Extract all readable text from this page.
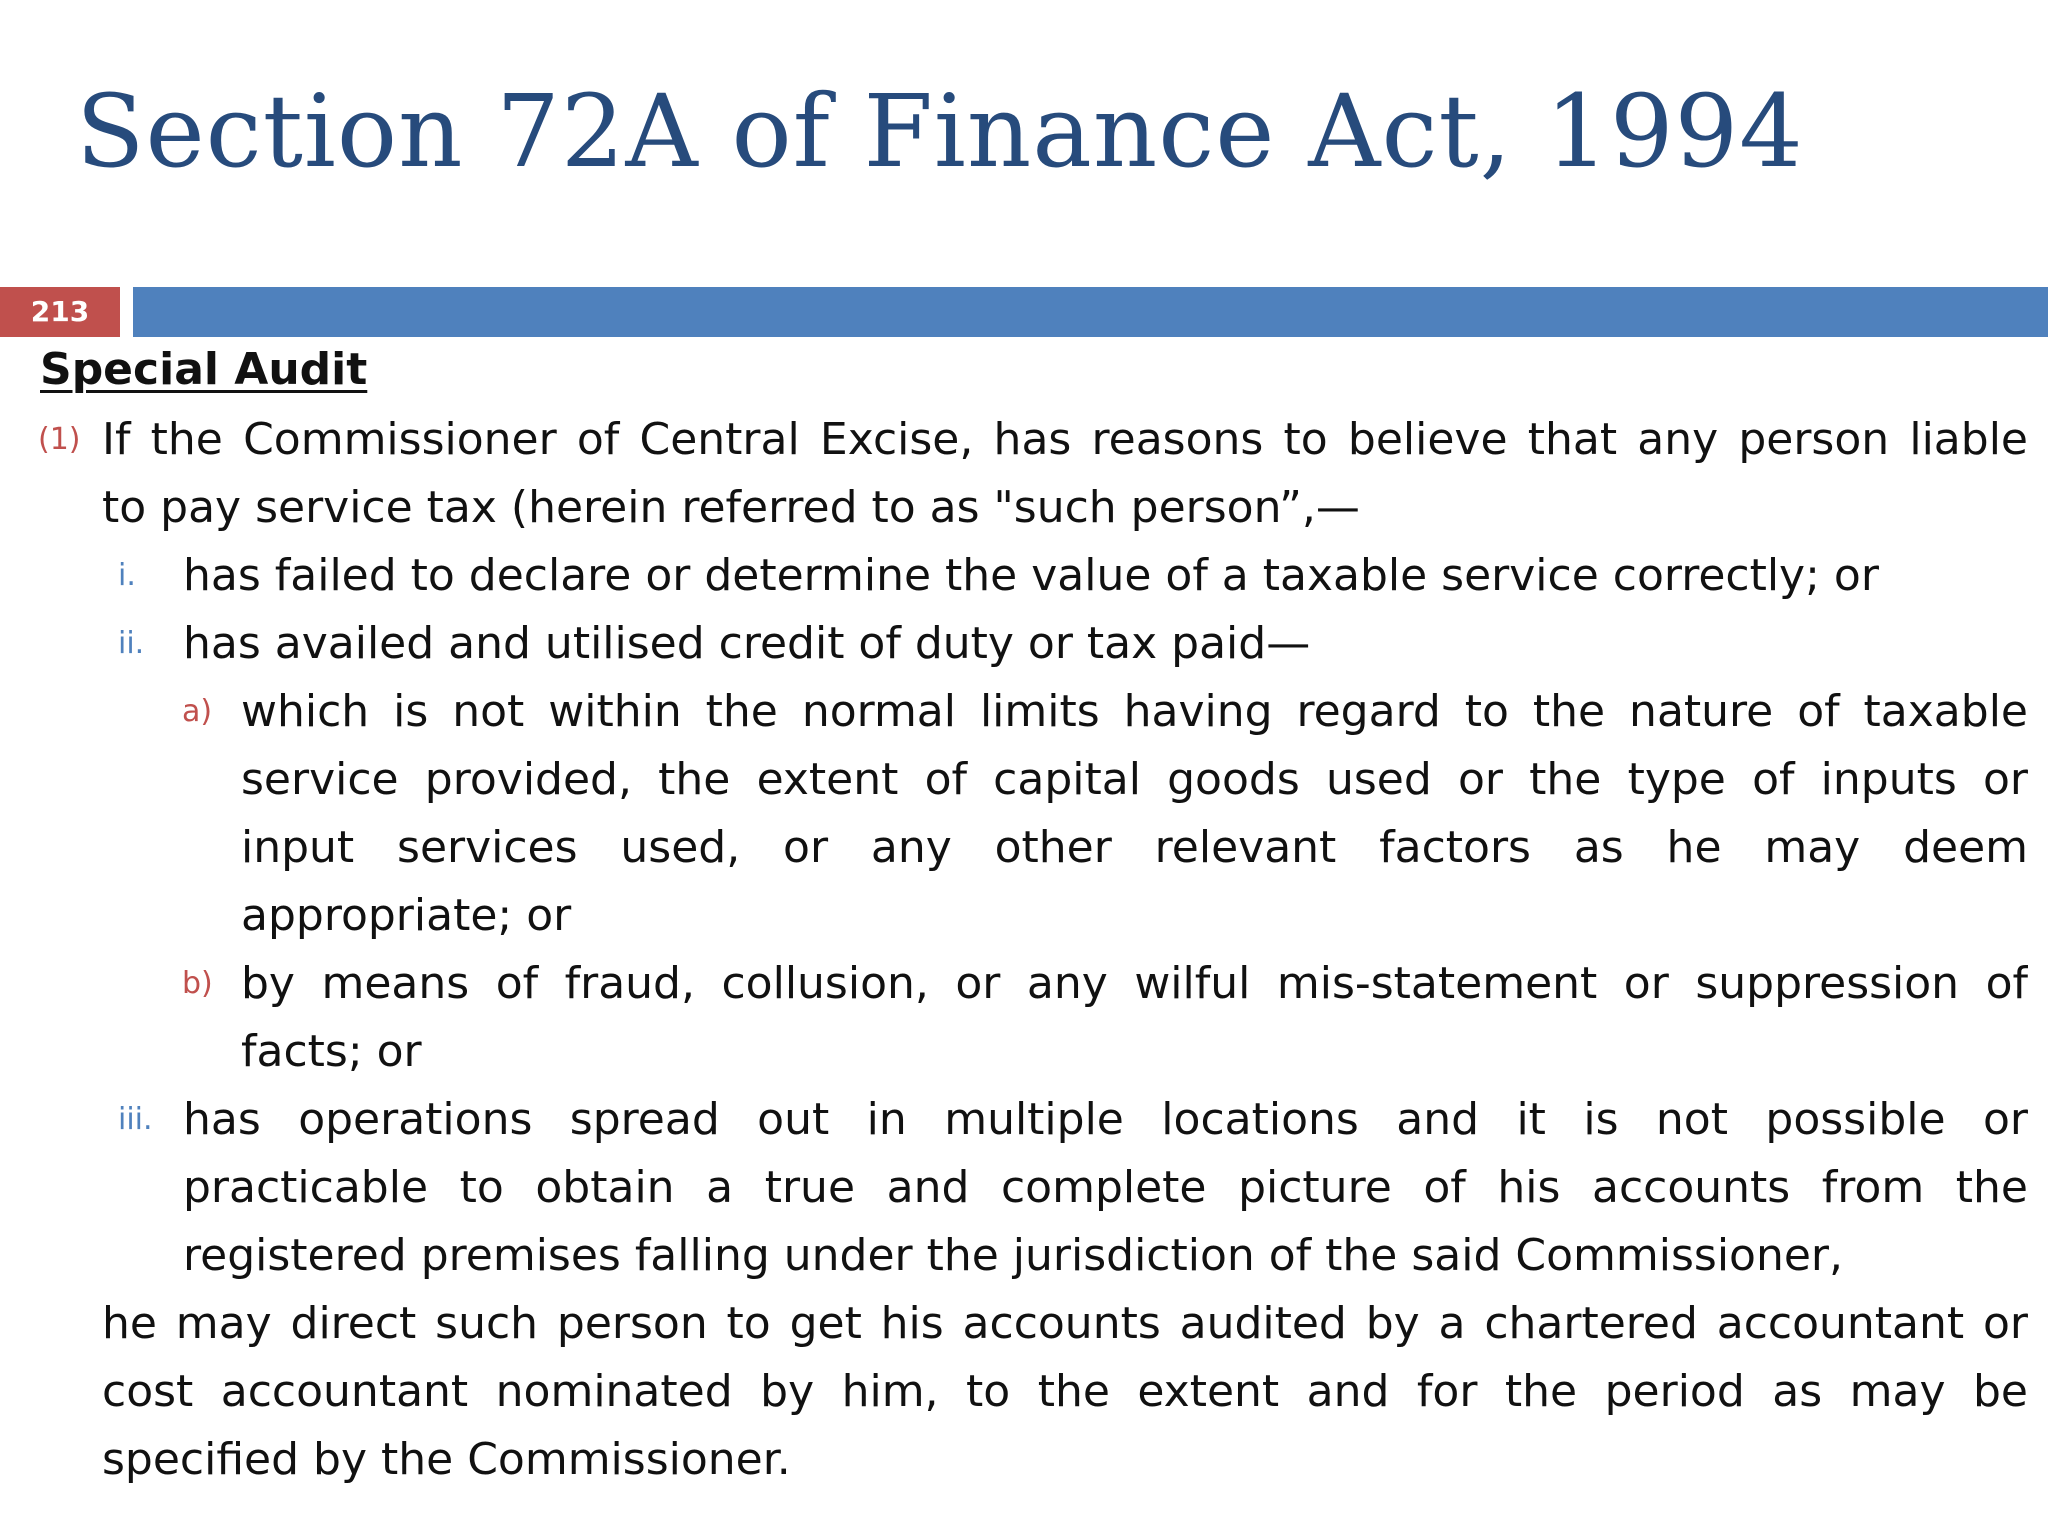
Section 72A of Finance Act, 1994
213
Special Audit
(1) If the Commissioner of Central Excise, has reasons to believe that any person liable
to pay service tax (herein referred to as "such person”,—
i. has failed to declare or determine the value of a taxable service correctly; or
ii. has availed and utilised credit of duty or tax paid—
a) which is not within the normal limits having regard to the nature of taxable
service provided, the extent of capital goods used or the type of inputs or
input services used, or any other relevant factors as he may deem
appropriate; or
b) by means of fraud, collusion, or any wilful mis-statement or suppression of
facts; or
iii. has operations spread out in multiple locations and it is not possible or
practicable to obtain a true and complete picture of his accounts from the
registered premises falling under the jurisdiction of the said Commissioner,
he may direct such person to get his accounts audited by a chartered accountant or
cost accountant nominated by him, to the extent and for the period as may be
specified by the Commissioner.
